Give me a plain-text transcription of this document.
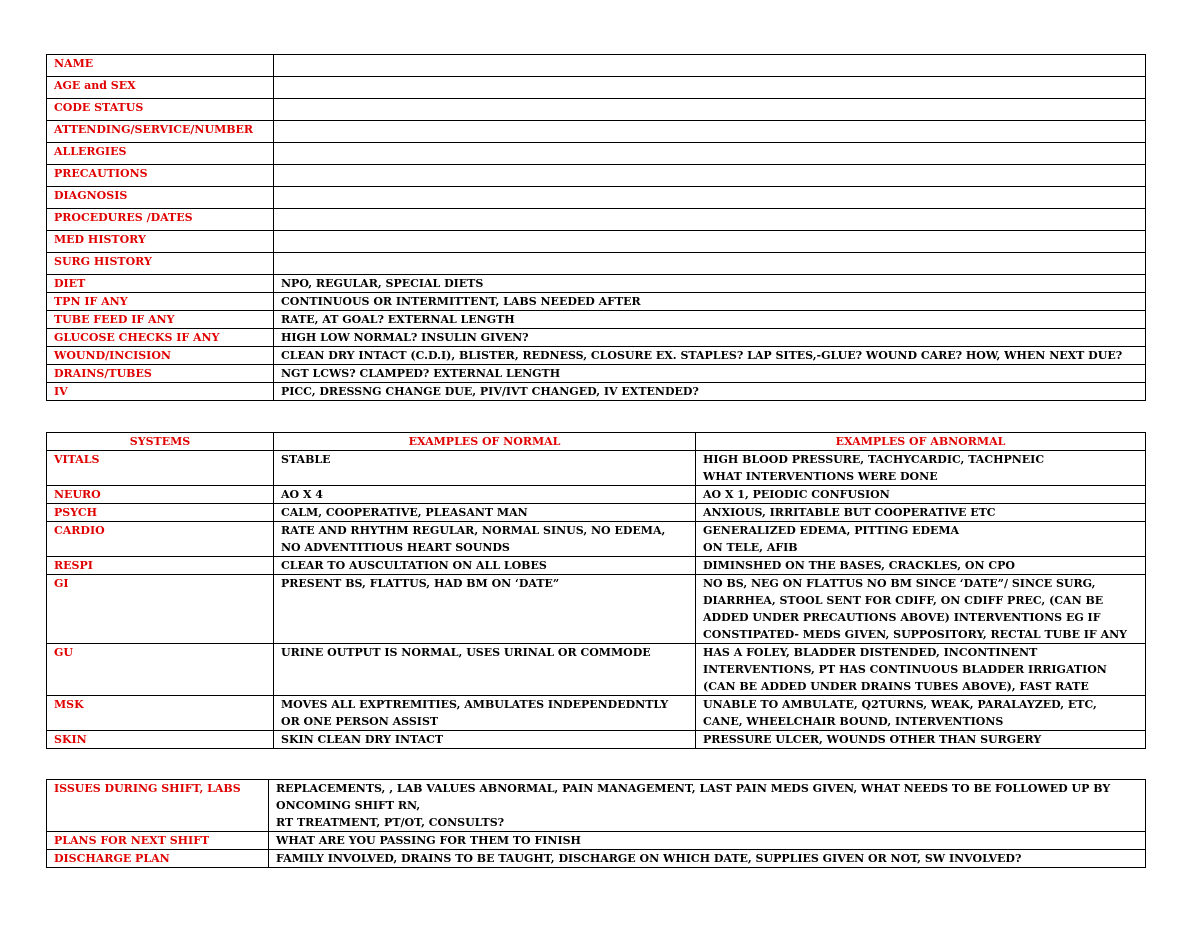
NAME	
AGE and SEX	
CODE STATUS	
ATTENDING/SERVICE/NUMBER	
ALLERGIES	
PRECAUTIONS	
DIAGNOSIS	
PROCEDURES /DATES	
MED HISTORY	
SURG HISTORY	
DIET	NPO, REGULAR, SPECIAL DIETS
TPN IF ANY	CONTINUOUS OR INTERMITTENT, LABS NEEDED AFTER
TUBE FEED IF ANY	RATE, AT GOAL? EXTERNAL LENGTH
GLUCOSE CHECKS IF ANY	HIGH LOW NORMAL? INSULIN GIVEN?
WOUND/INCISION	CLEAN DRY INTACT (C.D.I), BLISTER, REDNESS, CLOSURE EX. STAPLES? LAP SITES,-GLUE? WOUND CARE? HOW, WHEN NEXT DUE?
DRAINS/TUBES	NGT LCWS? CLAMPED? EXTERNAL LENGTH
IV	PICC, DRESSNG CHANGE DUE, PIV/IVT CHANGED, IV EXTENDED?
SYSTEMS	EXAMPLES OF NORMAL	EXAMPLES OF ABNORMAL
VITALS	STABLE	HIGH BLOOD PRESSURE, TACHYCARDIC, TACHPNEIC
WHAT INTERVENTIONS WERE DONE
NEURO	AO X 4	AO X 1, PEIODIC CONFUSION
PSYCH	CALM, COOPERATIVE, PLEASANT MAN	ANXIOUS, IRRITABLE BUT COOPERATIVE ETC
CARDIO	RATE AND RHYTHM REGULAR, NORMAL SINUS, NO EDEMA,
NO ADVENTITIOUS HEART SOUNDS	GENERALIZED EDEMA, PITTING EDEMA
ON TELE, AFIB
RESPI	CLEAR TO AUSCULTATION ON ALL LOBES	DIMINSHED ON THE BASES, CRACKLES, ON CPO
GI	PRESENT BS, FLATTUS, HAD BM ON ‘DATE”	NO BS, NEG ON FLATTUS NO BM SINCE ‘DATE”/ SINCE SURG,
DIARRHEA, STOOL SENT FOR CDIFF, ON CDIFF PREC, (CAN BE
ADDED UNDER PRECAUTIONS ABOVE) INTERVENTIONS EG IF
CONSTIPATED- MEDS GIVEN, SUPPOSITORY, RECTAL TUBE IF ANY
GU	URINE OUTPUT IS NORMAL, USES URINAL OR COMMODE	HAS A FOLEY, BLADDER DISTENDED, INCONTINENT
INTERVENTIONS, PT HAS CONTINUOUS BLADDER IRRIGATION
(CAN BE ADDED UNDER DRAINS TUBES ABOVE), FAST RATE
MSK	MOVES ALL EXPTREMITIES, AMBULATES INDEPENDEDNTLY
OR ONE PERSON ASSIST	UNABLE TO AMBULATE, Q2TURNS, WEAK, PARALAYZED, ETC,
CANE, WHEELCHAIR BOUND, INTERVENTIONS
SKIN	SKIN CLEAN DRY INTACT	PRESSURE ULCER, WOUNDS OTHER THAN SURGERY
ISSUES DURING SHIFT, LABS	REPLACEMENTS, , LAB VALUES ABNORMAL, PAIN MANAGEMENT, LAST PAIN MEDS GIVEN, WHAT NEEDS TO BE FOLLOWED UP BY
ONCOMING SHIFT RN,
RT TREATMENT, PT/OT, CONSULTS?
PLANS FOR NEXT SHIFT	WHAT ARE YOU PASSING FOR THEM TO FINISH
DISCHARGE PLAN	FAMILY INVOLVED, DRAINS TO BE TAUGHT, DISCHARGE ON WHICH DATE, SUPPLIES GIVEN OR NOT, SW INVOLVED?
